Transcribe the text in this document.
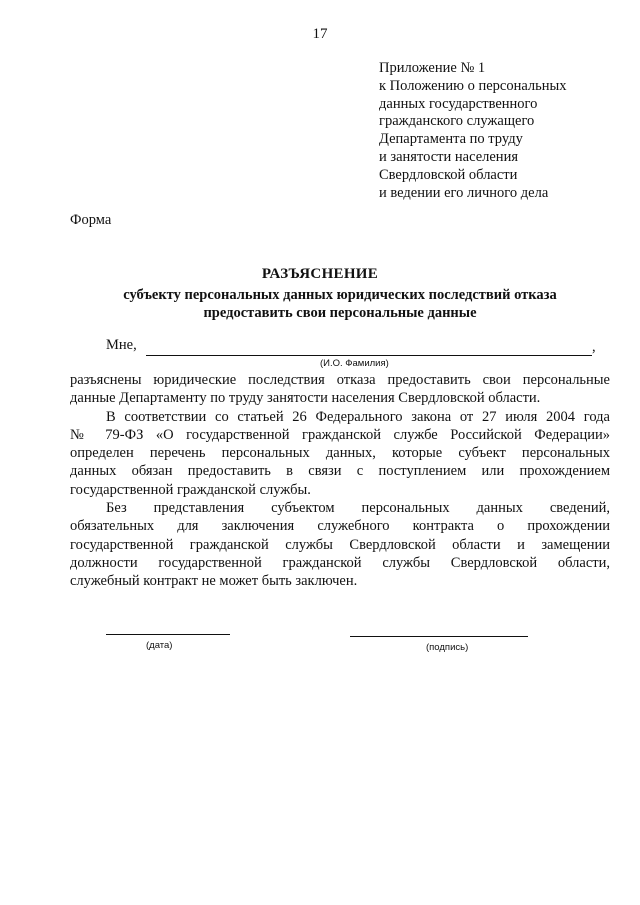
17
Приложение № 1
к Положению о персональных
данных государственного
гражданского служащего
Департамента по труду
и занятости населения
Свердловской области
и ведении его личного дела
Форма
РАЗЪЯСНЕНИЕ
субъекту персональных данных юридических последствий отказа
предоставить свои персональные данные
Мне,	,
(И.О. Фамилия)

разъяснены юридические последствия отказа предоставить свои персональные
данные Департаменту по труду занятости населения Свердловской области.

В соответствии со статьей 26 Федерального закона от 27 июля 2004 года
№ 79-ФЗ «О государственной гражданской службе Российской Федерации»
определен перечень персональных данных, которые субъект персональных
данных обязан предоставить в связи с поступлением или прохождением
государственной гражданской службы.

Без представления субъектом персональных данных сведений,
обязательных для заключения служебного контракта о прохождении
государственной гражданской службы Свердловской области и замещении
должности государственной гражданской службы Свердловской области,
служебный контракт не может быть заключен.

(дата)	(подпись)
